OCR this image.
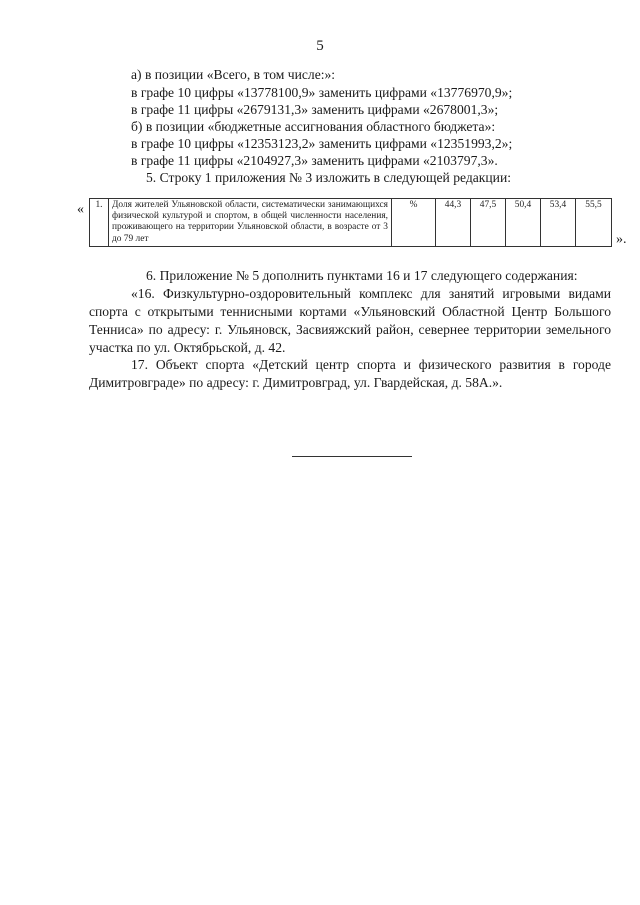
5
а) в позиции «Всего, в том числе:»:
в графе 10 цифры «13778100,9» заменить цифрами «13776970,9»;
в графе 11 цифры «2679131,3» заменить цифрами «2678001,3»;
б) в позиции «бюджетные ассигнования областного бюджета»:
в графе 10 цифры «12353123,2» заменить цифрами «12351993,2»;
в графе 11 цифры «2104927,3» заменить цифрами «2103797,3».
5. Строку 1 приложения № 3 изложить в следующей редакции:
« 1.	Доля жителей Ульяновской области, систематически занимающихся физической культурой и спортом, в общей численности населения, проживающего на территории Ульяновской области, в возрасте от 3 до 79 лет	%	44,3	47,5	50,4	53,4	55,5
».
6. Приложение № 5 дополнить пунктами 16 и 17 следующего содержания:
«16. Физкультурно-оздоровительный комплекс для занятий игровыми видами спорта с открытыми теннисными кортами «Ульяновский Областной Центр Большого Тенниса» по адресу: г. Ульяновск, Засвияжский район, севернее территории земельного участка по ул. Октябрьской, д. 42.
17. Объект спорта «Детский центр спорта и физического развития в городе Димитровграде» по адресу: г. Димитровград, ул. Гвардейская, д. 58А.».
